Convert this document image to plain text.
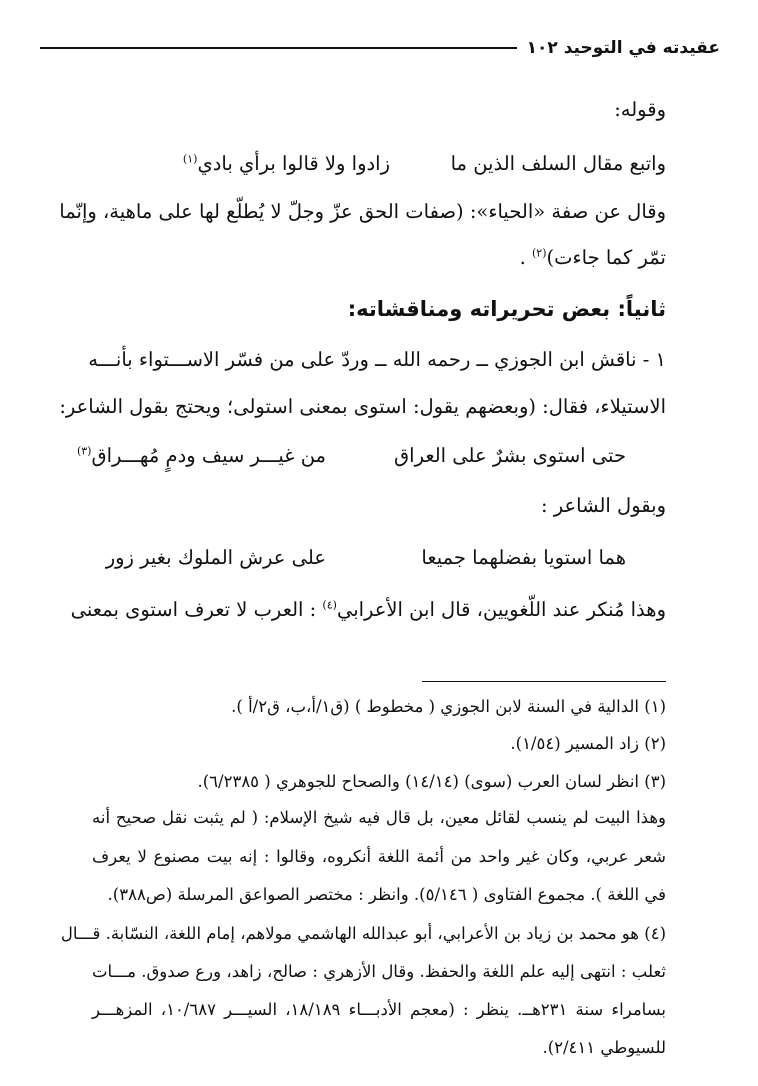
عقيدته في التوحيد ١٠٢
وقوله:
واتبع مقال السلف الذين ما
زادوا ولا قالوا برأي بادي$^{(١)}$
وقال عن صفة «الحياء»: (صفات الحق عزّ وجلّ لا يُطلّع لها على ماهية، وإنّما
تمّر كما جاءت)$^{(٢)}$ .
ثانياً: بعض تحريراته ومناقشاته:
١ - ناقش ابن الجوزي ــ رحمه الله ــ وردّ على من فسّر الاســـتواء بأنـــه
الاستيلاء، فقال: (وبعضهم يقول: استوى بمعنى استولى؛ ويحتج بقول الشاعر:
حتى استوى بشرٌ على العراق
من غيـــر سيف ودمٍ مُهـــراق$^{(٣)}$
وبقول الشاعر :
هما استويا بفضلهما جميعا
على عرش الملوك بغير زور
وهذا مُنكر عند اللّغويين، قال ابن الأعرابي$^{(٤)}$ : العرب لا تعرف استوى بمعنى
(١) الدالية في السنة لابن الجوزي ( مخطوط ) (ق١/أ،ب، ق٢/أ ).
(٢) زاد المسير (١/٥٤).
(٣) انظر لسان العرب (سوى) (١٤/١٤) والصحاح للجوهري ( ٦/٢٣٨٥).
وهذا البيت لم ينسب لقائل معين، بل قال فيه شيخ الإسلام: ( لم يثبت نقل صحيح أنه
شعر عربي، وكان غير واحد من أئمة اللغة أنكروه، وقالوا : إنه بيت مصنوع لا يعرف
في اللغة ). مجموع الفتاوى ( ٥/١٤٦). وانظر : مختصر الصواعق المرسلة (ص٣٨٨).
(٤) هو محمد بن زياد بن الأعرابي، أبو عبدالله الهاشمي مولاهم، إمام اللغة، النسّابة. قـــال
ثعلب : انتهى إليه علم اللغة والحفظ. وقال الأزهري : صالح، زاهد، ورع صدوق. مـــات
بسامراء سنة ٢٣١هــ. ينظر : (معجم الأدبـــاء ١٨/١٨٩، السيـــر ١٠/٦٨٧، المزهـــر
للسيوطي ٢/٤١١).
